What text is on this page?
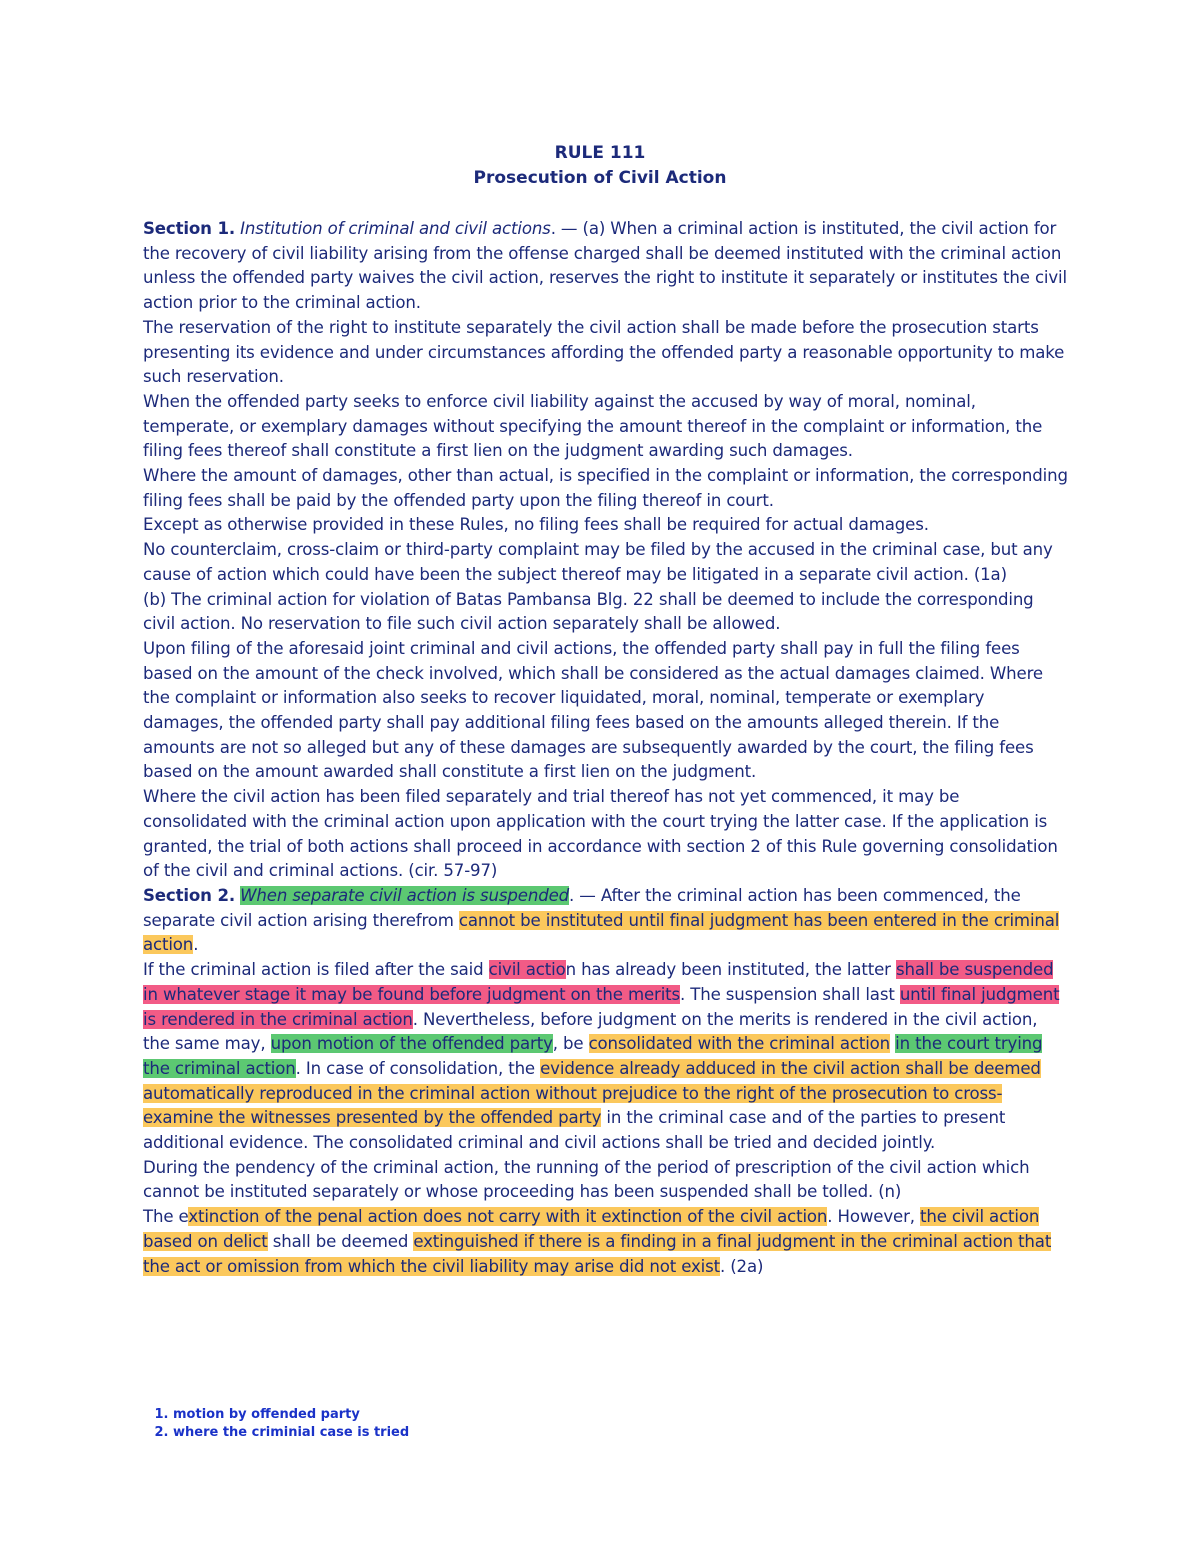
RULE 111
Prosecution of Civil Action

Section 1. Institution of criminal and civil actions. — (a) When a criminal action is instituted, the civil action for the recovery of civil liability arising from the offense charged shall be deemed instituted with the criminal action unless the offended party waives the civil action, reserves the right to institute it separately or institutes the civil action prior to the criminal action.

The reservation of the right to institute separately the civil action shall be made before the prosecution starts presenting its evidence and under circumstances affording the offended party a reasonable opportunity to make such reservation.

When the offended party seeks to enforce civil liability against the accused by way of moral, nominal, temperate, or exemplary damages without specifying the amount thereof in the complaint or information, the filing fees thereof shall constitute a first lien on the judgment awarding such damages.

Where the amount of damages, other than actual, is specified in the complaint or information, the corresponding filing fees shall be paid by the offended party upon the filing thereof in court.

Except as otherwise provided in these Rules, no filing fees shall be required for actual damages.

No counterclaim, cross-claim or third-party complaint may be filed by the accused in the criminal case, but any cause of action which could have been the subject thereof may be litigated in a separate civil action. (1a)

(b) The criminal action for violation of Batas Pambansa Blg. 22 shall be deemed to include the corresponding civil action. No reservation to file such civil action separately shall be allowed.

Upon filing of the aforesaid joint criminal and civil actions, the offended party shall pay in full the filing fees based on the amount of the check involved, which shall be considered as the actual damages claimed. Where the complaint or information also seeks to recover liquidated, moral, nominal, temperate or exemplary damages, the offended party shall pay additional filing fees based on the amounts alleged therein. If the amounts are not so alleged but any of these damages are subsequently awarded by the court, the filing fees based on the amount awarded shall constitute a first lien on the judgment.

Where the civil action has been filed separately and trial thereof has not yet commenced, it may be consolidated with the criminal action upon application with the court trying the latter case. If the application is granted, the trial of both actions shall proceed in accordance with section 2 of this Rule governing consolidation of the civil and criminal actions. (cir. 57-97)

Section 2. When separate civil action is suspended. — After the criminal action has been commenced, the separate civil action arising therefrom cannot be instituted until final judgment has been entered in the criminal action.

If the criminal action is filed after the said civil action has already been instituted, the latter shall be suspended in whatever stage it may be found before judgment on the merits. The suspension shall last until final judgment is rendered in the criminal action. Nevertheless, before judgment on the merits is rendered in the civil action, the same may, upon motion of the offended party, be consolidated with the criminal action in the court trying the criminal action. In case of consolidation, the evidence already adduced in the civil action shall be deemed automatically reproduced in the criminal action without prejudice to the right of the prosecution to cross-examine the witnesses presented by the offended party in the criminal case and of the parties to present additional evidence. The consolidated criminal and civil actions shall be tried and decided jointly.

During the pendency of the criminal action, the running of the period of prescription of the civil action which cannot be instituted separately or whose proceeding has been suspended shall be tolled. (n)

The extinction of the penal action does not carry with it extinction of the civil action. However, the civil action based on delict shall be deemed extinguished if there is a finding in a final judgment in the criminal action that the act or omission from which the civil liability may arise did not exist. (2a)

1. motion by offended party
2. where the criminial case is tried
